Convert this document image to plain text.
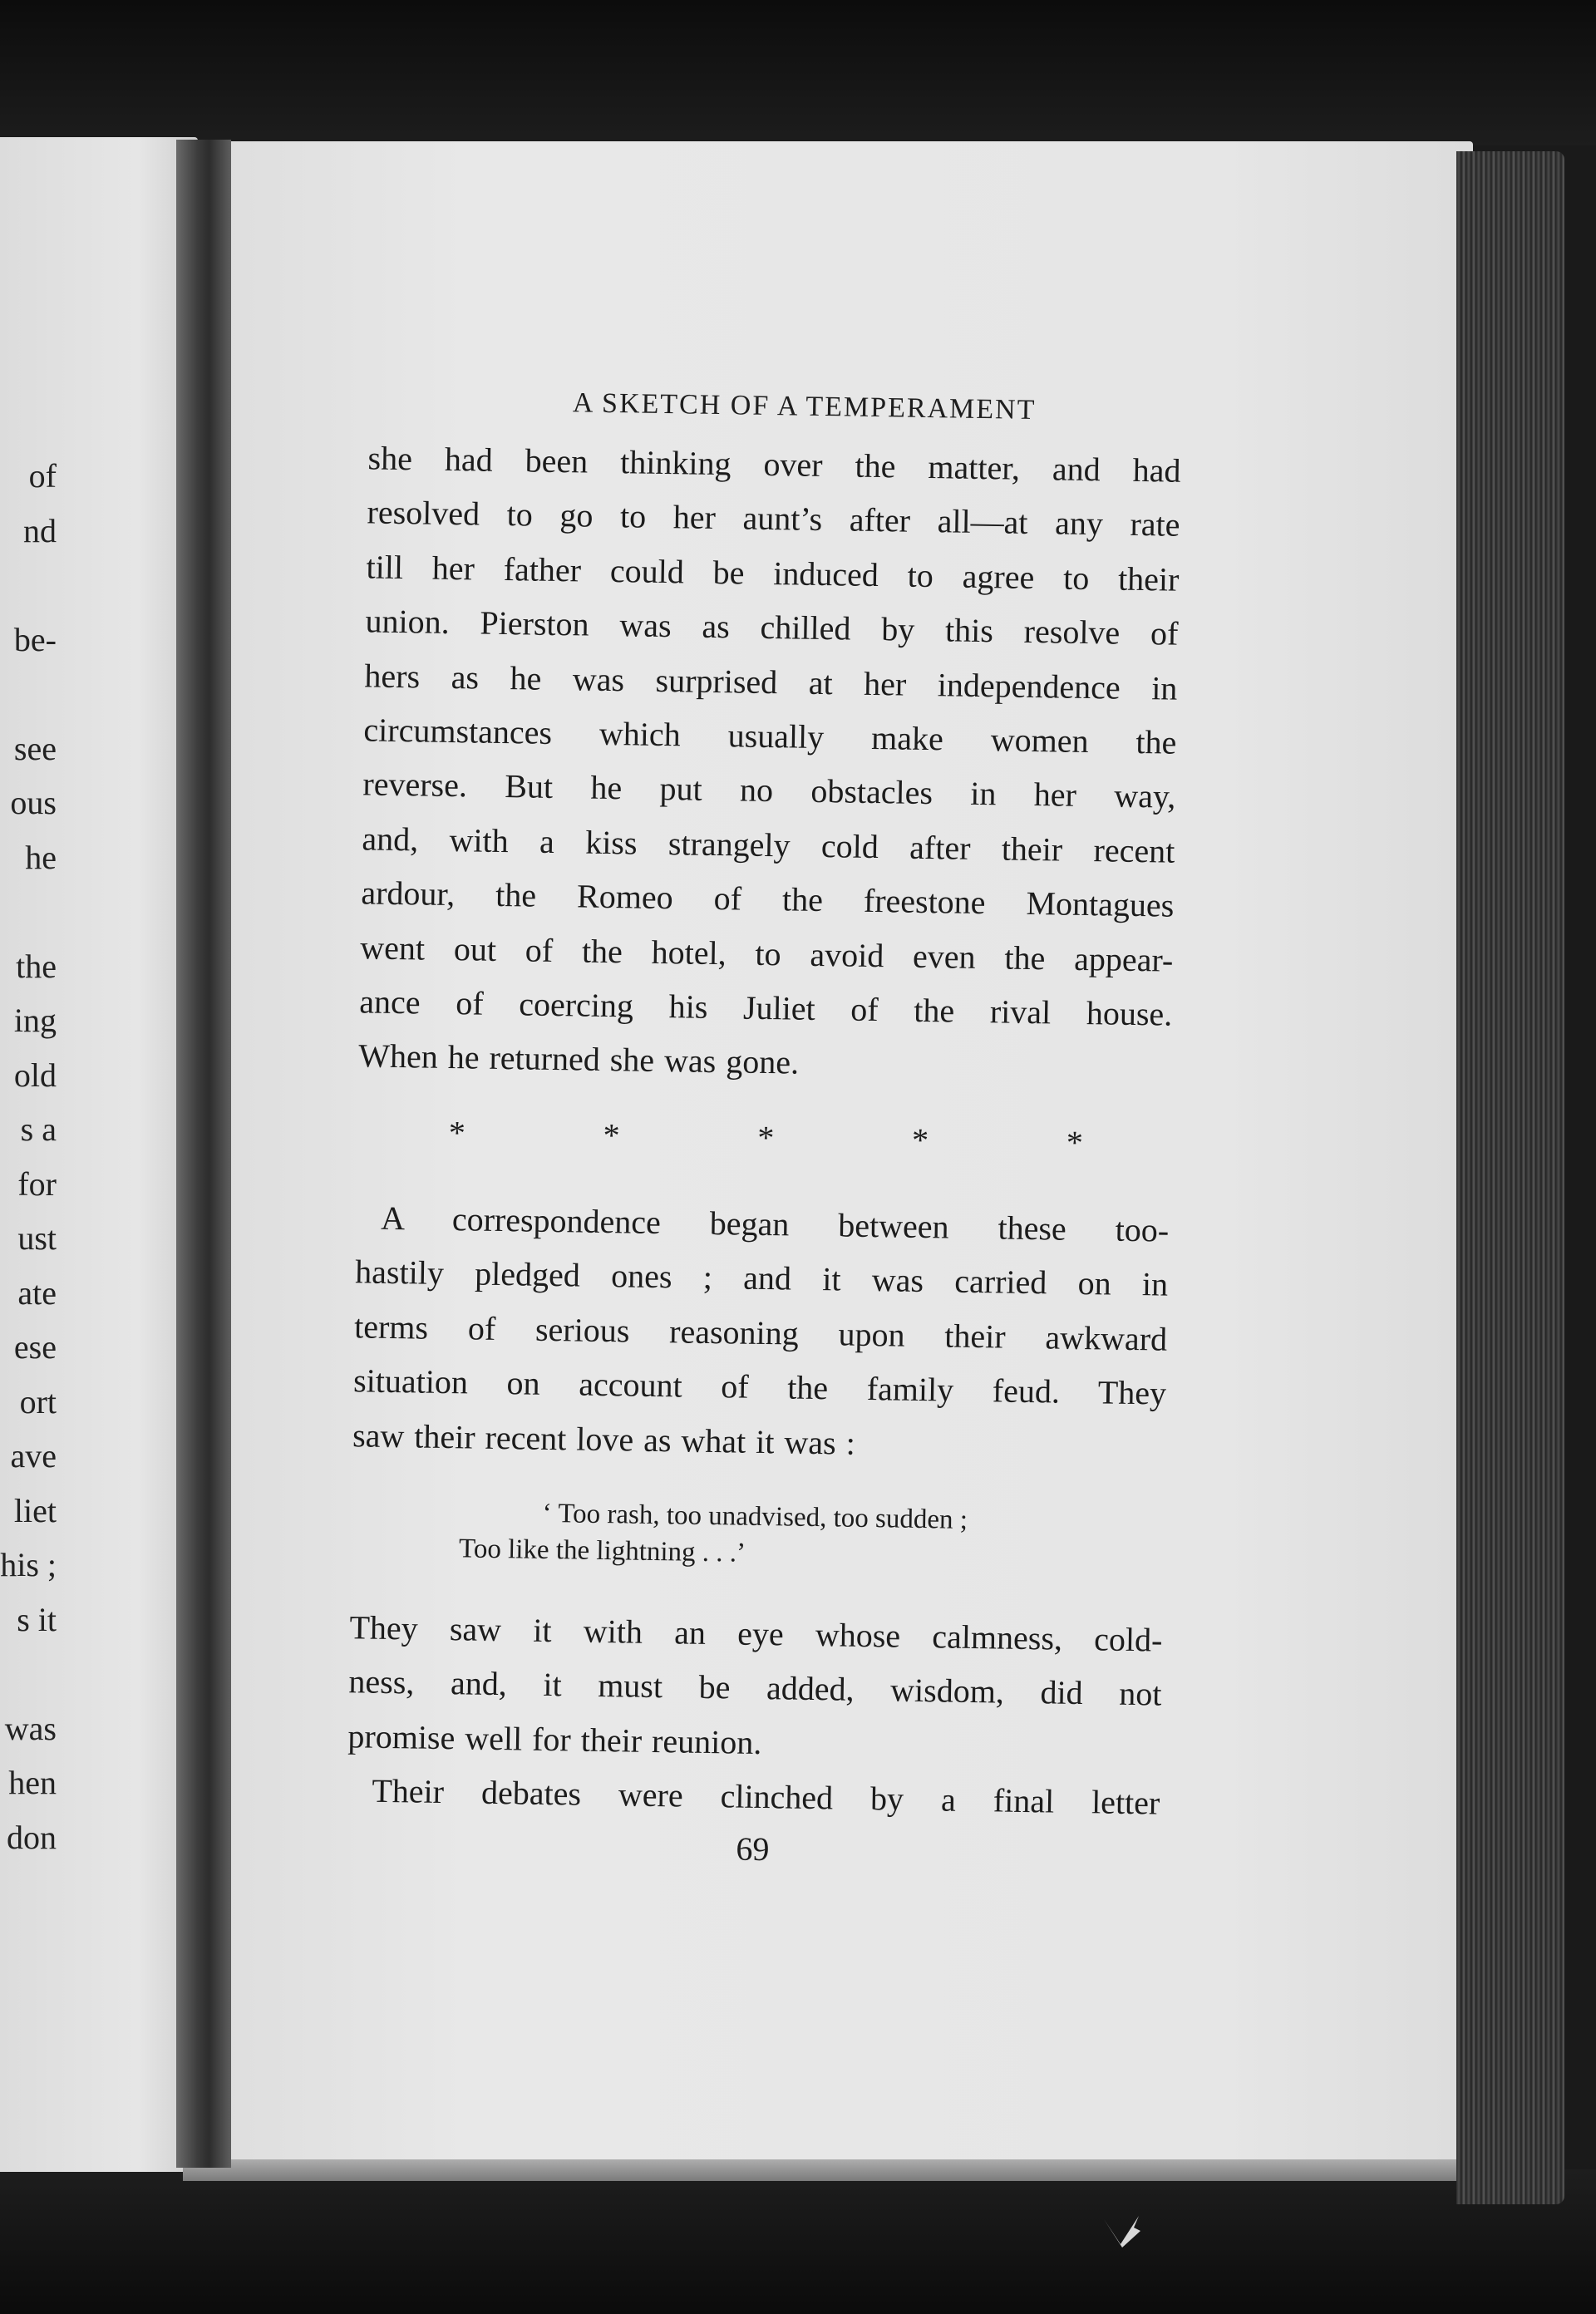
of
nd
be-
see
ous
he
the
ing
old
s a
for
ust
ate
ese
ort
ave
liet
his ;
s it
was
hen
don
A SKETCH OF A TEMPERAMENT
she had been thinking over the matter, and had
resolved to go to her aunt’s after all—at any rate
till her father could be induced to agree to their
union. Pierston was as chilled by this resolve of
hers as he was surprised at her independence in
circumstances which usually make women the
reverse. But he put no obstacles in her way,
and, with a kiss strangely cold after their recent
ardour, the Romeo of the freestone Montagues
went out of the hotel, to avoid even the appear-
ance of coercing his Juliet of the rival house.
When he returned she was gone.
*	*	*	*	*
A correspondence began between these too-
hastily pledged ones ; and it was carried on in
terms of serious reasoning upon their awkward
situation on account of the family feud. They
saw their recent love as what it was :
‘ Too rash, too unadvised, too sudden ;
Too like the lightning . . .’
They saw it with an eye whose calmness, cold-
ness, and, it must be added, wisdom, did not
promise well for their reunion.
Their debates were clinched by a final letter
69
